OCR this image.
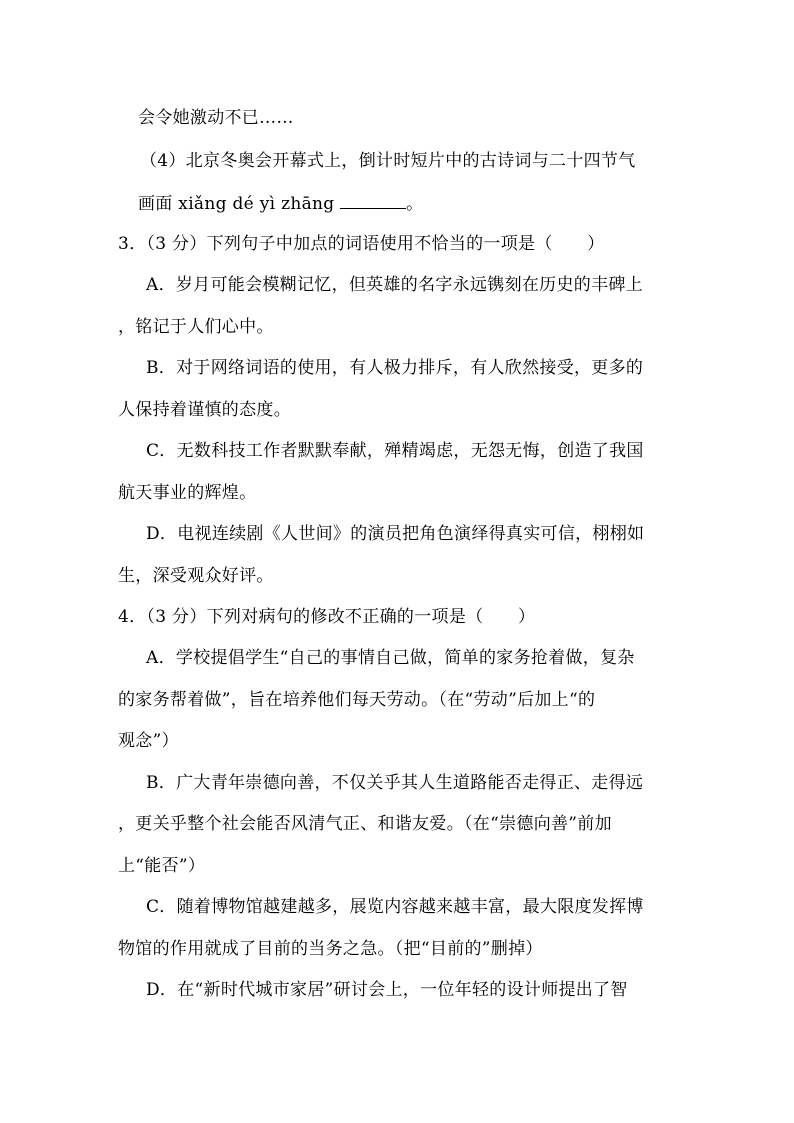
会令她激动不已……
（4）北京冬奥会开幕式上，倒计时短片中的古诗词与二十四节气
画面 xiǎng dé yì zhāng	。
3．（3 分）下列句子中加点的词语使用不恰当的一项是（　　）
A．岁月可能会模糊记忆，但英雄的名字永远镌刻在历史的丰碑上
，铭记于人们心中。
B．对于网络词语的使用，有人极力排斥，有人欣然接受，更多的
人保持着谨慎的态度。
C．无数科技工作者默默奉献，殚精竭虑，无怨无悔，创造了我国
航天事业的辉煌。
D．电视连续剧《人世间》的演员把角色演绎得真实可信，栩栩如
生，深受观众好评。
4．（3 分）下列对病句的修改不正确的一项是（　　）
A．学校提倡学生“自己的事情自己做，简单的家务抢着做，复杂
的家务帮着做”，旨在培养他们每天劳动。（在“劳动”后加上“的
观念”）
B．广大青年崇德向善，不仅关乎其人生道路能否走得正、走得远
，更关乎整个社会能否风清气正、和谐友爱。（在“崇德向善”前加
上“能否”）
C．随着博物馆越建越多，展览内容越来越丰富，最大限度发挥博
物馆的作用就成了目前的当务之急。（把“目前的”删掉）
D．在“新时代城市家居”研讨会上，一位年轻的设计师提出了智
